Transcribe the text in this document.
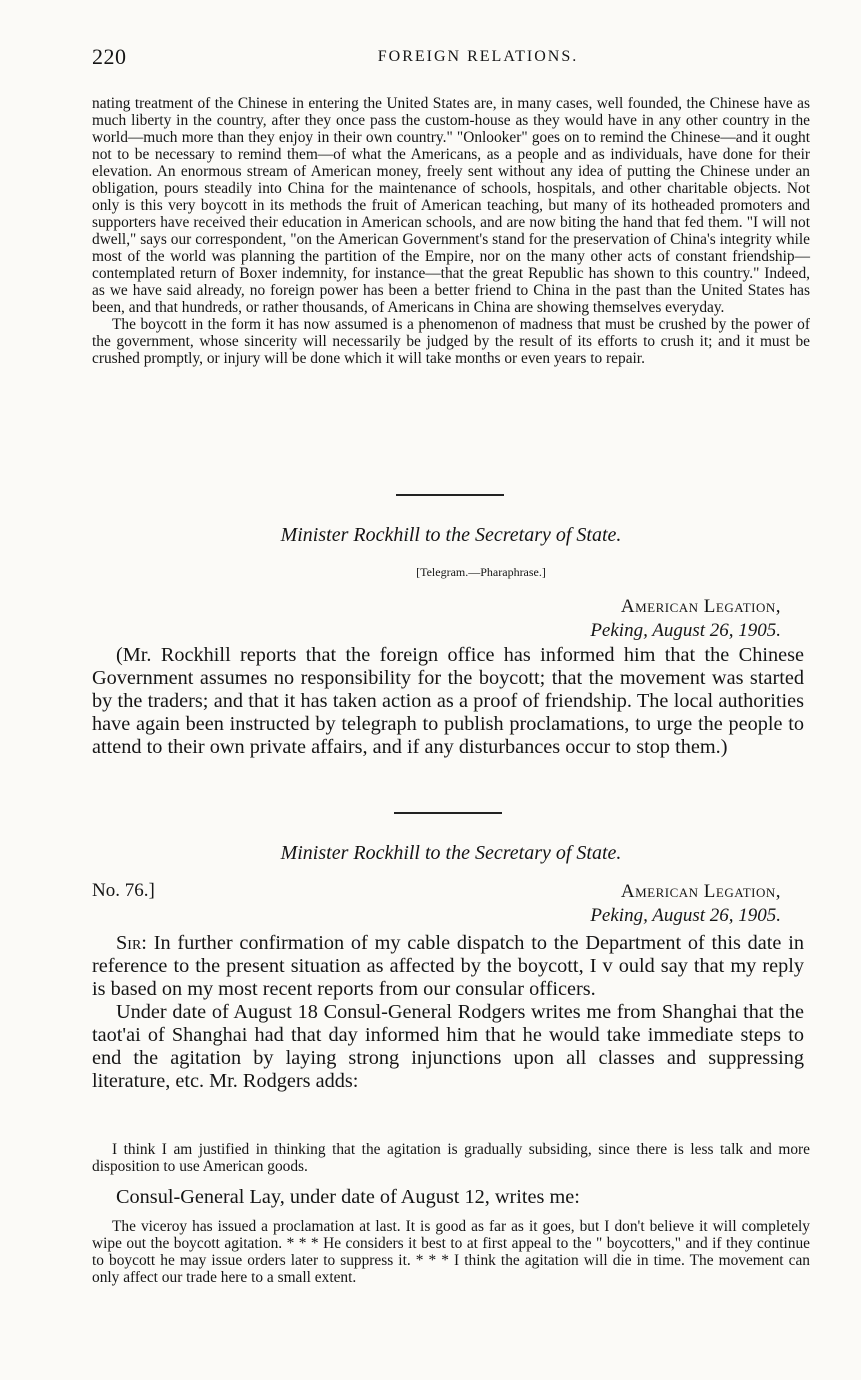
220	FOREIGN RELATIONS.

nating treatment of the Chinese in entering the United States are, in many cases, well founded, the Chinese have as much liberty in the country, after they once pass the custom-house as they would have in any other country in the world—much more than they enjoy in their own country." "Onlooker" goes on to remind the Chinese—and it ought not to be necessary to remind them—of what the Americans, as a people and as individuals, have done for their elevation. An enormous stream of American money, freely sent without any idea of putting the Chinese under an obligation, pours steadily into China for the maintenance of schools, hospitals, and other charitable objects. Not only is this very boycott in its methods the fruit of American teaching, but many of its hotheaded promoters and supporters have received their education in American schools, and are now biting the hand that fed them. "I will not dwell," says our correspondent, "on the American Government's stand for the preservation of China's integrity while most of the world was planning the partition of the Empire, nor on the many other acts of constant friendship—contemplated return of Boxer indemnity, for instance—that the great Republic has shown to this country." Indeed, as we have said already, no foreign power has been a better friend to China in the past than the United States has been, and that hundreds, or rather thousands, of Americans in China are showing themselves everyday.

The boycott in the form it has now assumed is a phenomenon of madness that must be crushed by the power of the government, whose sincerity will necessarily be judged by the result of its efforts to crush it; and it must be crushed promptly, or injury will be done which it will take months or even years to repair.

Minister Rockhill to the Secretary of State.
[Telegram.—Pharaphrase.]
American Legation,
Peking, August 26, 1905.

(Mr. Rockhill reports that the foreign office has informed him that the Chinese Government assumes no responsibility for the boycott; that the movement was started by the traders; and that it has taken action as a proof of friendship. The local authorities have again been instructed by telegraph to publish proclamations, to urge the people to attend to their own private affairs, and if any disturbances occur to stop them.)

Minister Rockhill to the Secretary of State.
No. 76.]	American Legation,
Peking, August 26, 1905.

Sir: In further confirmation of my cable dispatch to the Department of this date in reference to the present situation as affected by the boycott, I v ould say that my reply is based on my most recent reports from our consular officers.

Under date of August 18 Consul-General Rodgers writes me from Shanghai that the taot'ai of Shanghai had that day informed him that he would take immediate steps to end the agitation by laying strong injunctions upon all classes and suppressing literature, etc. Mr. Rodgers adds:

I think I am justified in thinking that the agitation is gradually subsiding, since there is less talk and more disposition to use American goods.

Consul-General Lay, under date of August 12, writes me:

The viceroy has issued a proclamation at last. It is good as far as it goes, but I don't believe it will completely wipe out the boycott agitation. * * * He considers it best to at first appeal to the " boycotters," and if they continue to boycott he may issue orders later to suppress it. * * * I think the agitation will die in time. The movement can only affect our trade here to a small extent.
